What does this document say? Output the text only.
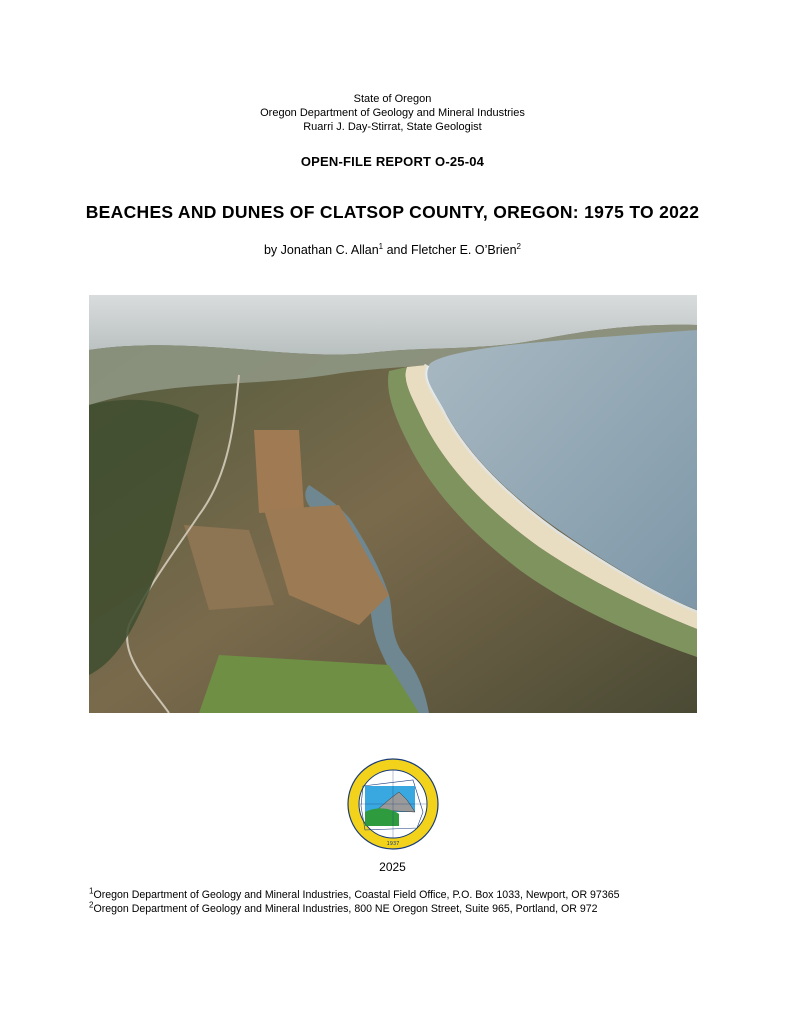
State of Oregon
Oregon Department of Geology and Mineral Industries
Ruarri J. Day-Stirrat, State Geologist
OPEN-FILE REPORT O-25-04
BEACHES AND DUNES OF CLATSOP COUNTY, OREGON: 1975 TO 2022
by Jonathan C. Allan$^1$ and Fletcher E. O’Brien$^2$
1937
2025
$^1$Oregon Department of Geology and Mineral Industries, Coastal Field Office, P.O. Box 1033, Newport, OR 97365
$^2$Oregon Department of Geology and Mineral Industries, 800 NE Oregon Street, Suite 965, Portland, OR 972
